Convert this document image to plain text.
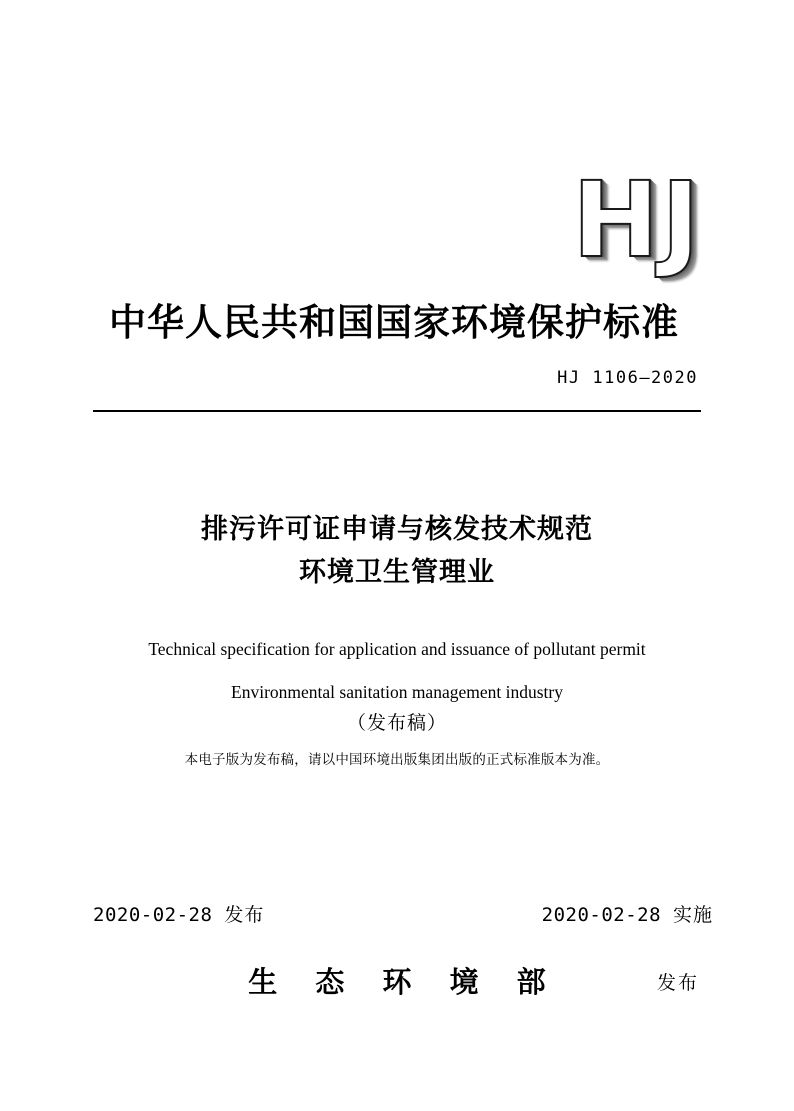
HJ
中华人民共和国国家环境保护标准
HJ 1106—2020
排污许可证申请与核发技术规范
环境卫生管理业
Technical specification for application and issuance of pollutant permit
Environmental sanitation management industry
（发布稿）
本电子版为发布稿，请以中国环境出版集团出版的正式标准版本为准。
2020-02-28 发布	2020-02-28 实施
生 态 环 境 部	发布
